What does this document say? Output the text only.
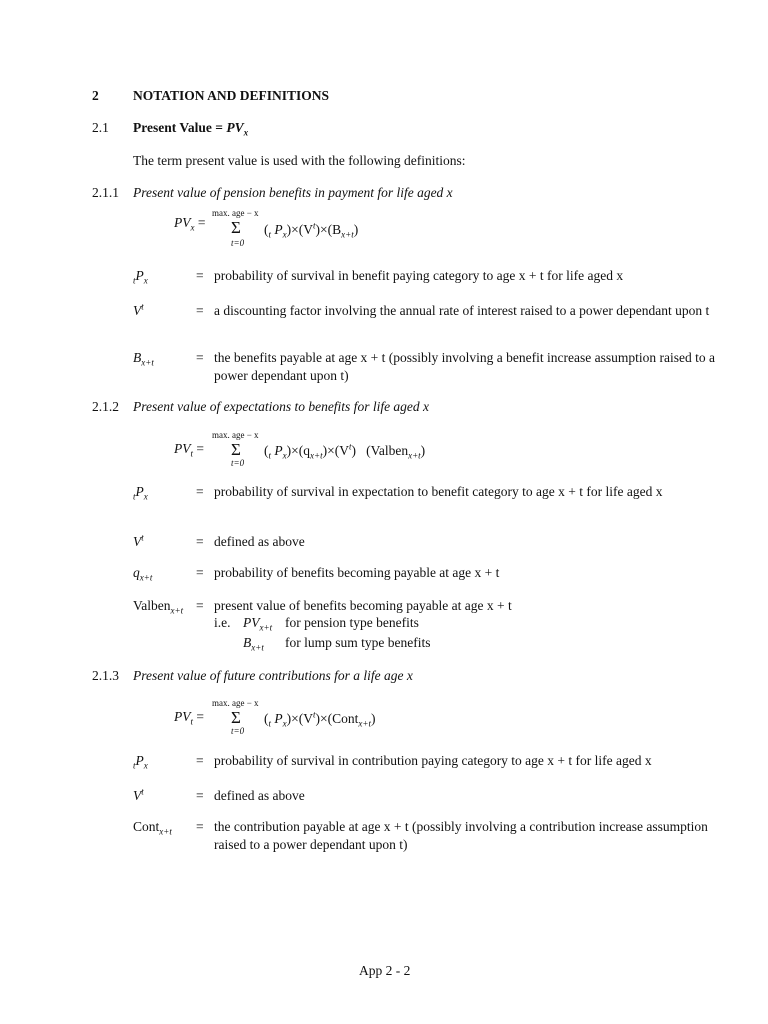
2	NOTATION AND DEFINITIONS
2.1 Present Value = $PV_x$
The term present value is used with the following definitions:
2.1.1 Present value of pension benefits in payment for life aged x
$PV_x$ =
max. age − x
Σ
t=0
($_t$ $P_x)\times(V^t)\times(B_{x+t})$
$_tP_x$	= probability of survival in benefit paying category to age x + t for life aged x
$V^t$	= a discounting factor involving the annual rate of interest raised to a power dependant upon t
$B_{x+t}$	= the benefits payable at age x + t (possibly involving a benefit increase assumption raised to a power dependant upon t)
2.1.2 Present value of expectations to benefits for life aged x
$PV_t$ =
max. age − x
Σ
t=0
($_t$ $P_x)\times(q_{x+t})\times(V^t)$ (Valben$_{x+t}$)
$_tP_x$	= probability of survival in expectation to benefit category to age x + t for life aged x
$V^t$	= defined as above
$q_{x+t}$	= probability of benefits becoming payable at age x + t
Valben$_{x+t}$ = present value of benefits becoming payable at age x + t
i.e. $PV_{x+t}$ for pension type benefits
$B_{x+t}$ for lump sum type benefits
2.1.3 Present value of future contributions for a life age x
$PV_t$ =
max. age − x
Σ
t=0
($_t$ $P_x)\times(V^t)\times(Cont_{x+t})$
$_tP_x$	= probability of survival in contribution paying category to age x + t for life aged x
$V^t$	= defined as above
Cont$_{x+t}$ = the contribution payable at age x + t (possibly involving a contribution increase assumption raised to a power dependant upon t)
App 2 - 2
